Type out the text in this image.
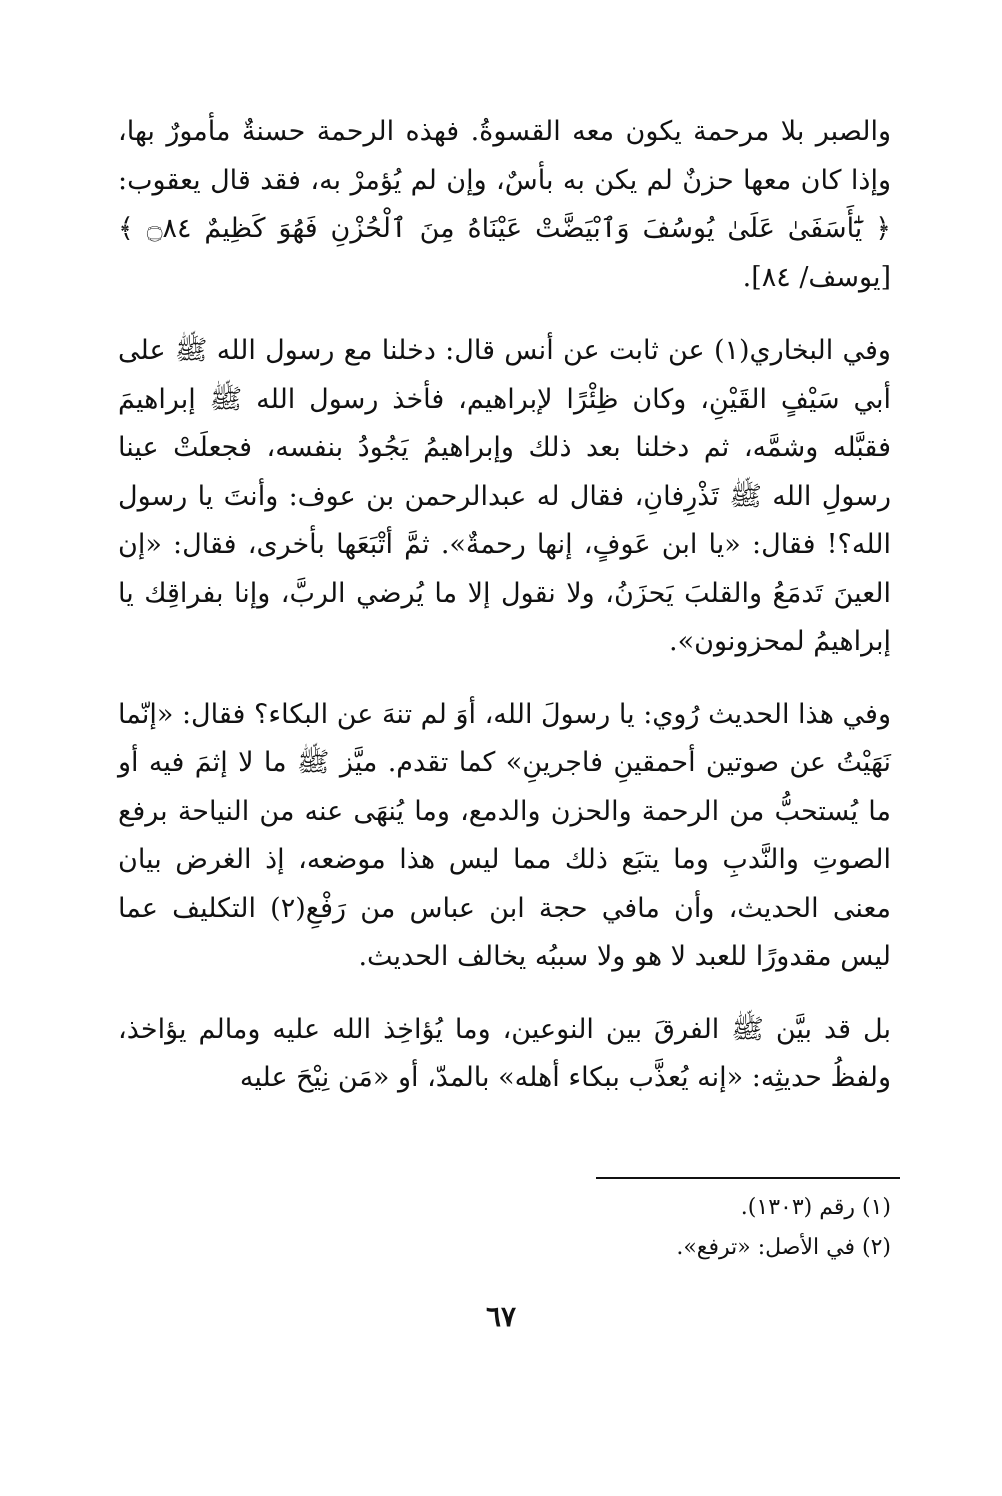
والصبر بلا مرحمة يكون معه القسوةُ. فهذه الرحمة حسنةٌ مأمورٌ بها، وإذا كان معها حزنٌ لم يكن به بأسٌ، وإن لم يُؤمرْ به، فقد قال يعقوب: ﴿ يَٰٓأَسَفَىٰ عَلَىٰ يُوسُفَ وَٱبْيَضَّتْ عَيْنَاهُ مِنَ ٱلْحُزْنِ فَهُوَ كَظِيمٌ ۝٨٤ ﴾ [يوسف/ ٨٤].

وفي البخاري(١) عن ثابت عن أنس قال: دخلنا مع رسول الله ﷺ على أبي سَيْفٍ القَيْنِ، وكان ظِئْرًا لإبراهيم، فأخذ رسول الله ﷺ إبراهيمَ فقبَّله وشمَّه، ثم دخلنا بعد ذلك وإبراهيمُ يَجُودُ بنفسه، فجعلَتْ عينا رسولِ الله ﷺ تَذْرِفانِ، فقال له عبدالرحمن بن عوف: وأنتَ يا رسول الله؟! فقال: «يا ابن عَوفٍ، إنها رحمةٌ». ثمَّ أتْبَعَها بأخرى، فقال: «إن العينَ تَدمَعُ والقلبَ يَحزَنُ، ولا نقول إلا ما يُرضي الربَّ، وإنا بفراقِك يا إبراهيمُ لمحزونون».

وفي هذا الحديث رُوي: يا رسولَ الله، أوَ لم تنهَ عن البكاء؟ فقال: «إنّما نَهَيْتُ عن صوتين أحمقينِ فاجرينِ» كما تقدم. ميَّز ﷺ ما لا إثمَ فيه أو ما يُستحبُّ من الرحمة والحزن والدمع، وما يُنهَى عنه من النياحة برفع الصوتِ والنَّدبِ وما يتبَع ذلك مما ليس هذا موضعه، إذ الغرض بيان معنى الحديث، وأن مافي حجة ابن عباس من رَفْعِ(٢) التكليف عما ليس مقدورًا للعبد لا هو ولا سببُه يخالف الحديث.

بل قد بيَّن ﷺ الفرقَ بين النوعين، وما يُؤاخِذ الله عليه ومالم يؤاخذ، ولفظُ حديثِه: «إنه يُعذَّب ببكاء أهله» بالمدّ، أو «مَن نِيْحَ عليه

(١) رقم (١٣٠٣).

(٢) في الأصل: «ترفع».

٦٧
